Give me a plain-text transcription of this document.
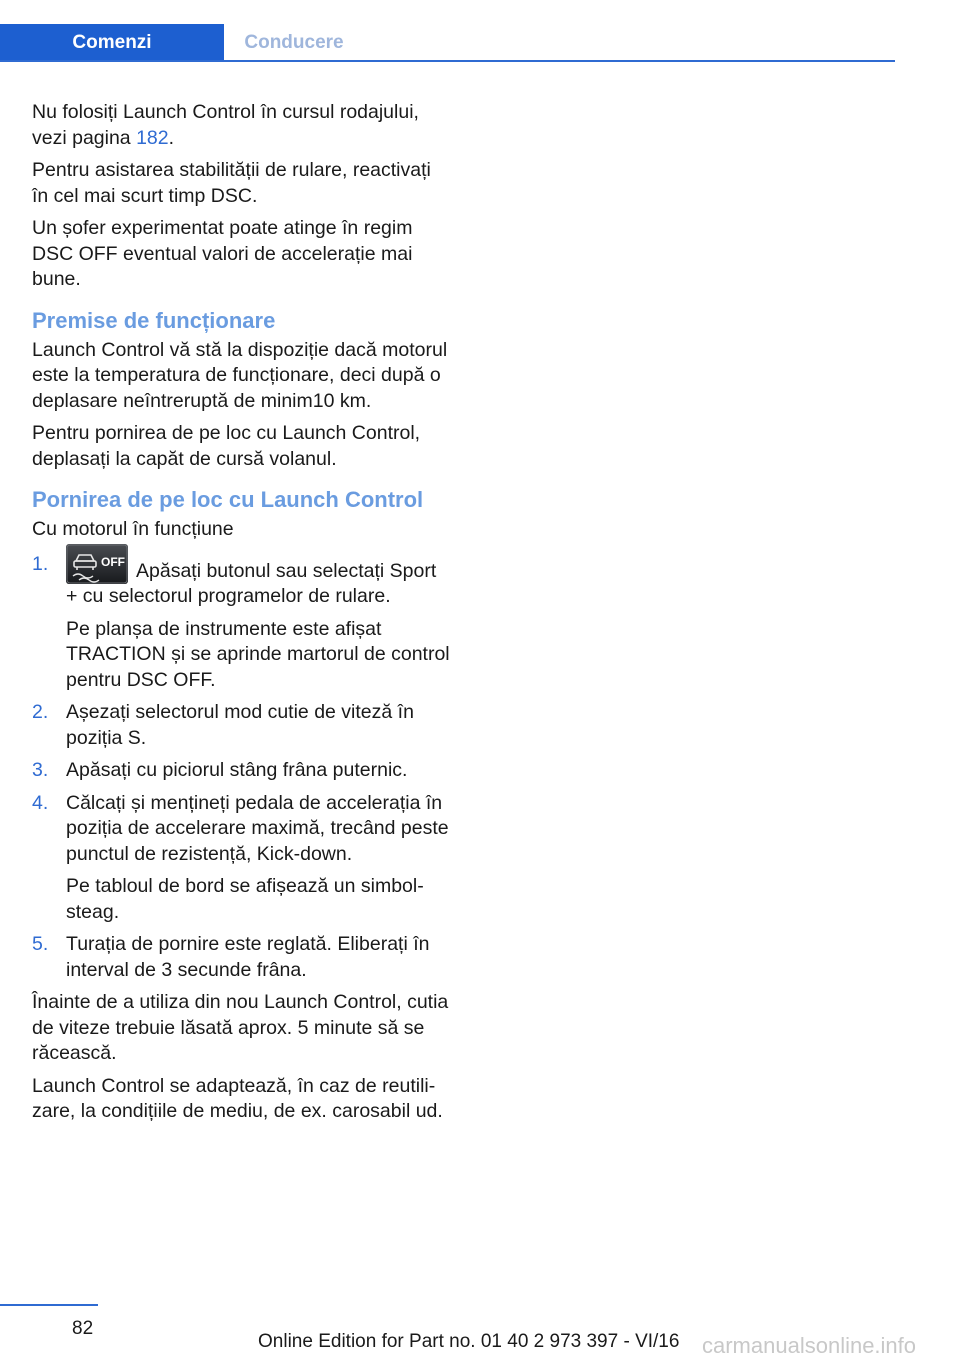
Comenzi	Conducere

Nu folosiți Launch Control în cursul rodajului, vezi pagina 182.

Pentru asistarea stabilității de rulare, reactivați în cel mai scurt timp DSC.

Un șofer experimentat poate atinge în regim DSC OFF eventual valori de accelerație mai bune.

Premise de funcționare

Launch Control vă stă la dispoziție dacă motorul este la temperatura de funcționare, deci după o deplasare neîntreruptă de minim10 km.

Pentru pornirea de pe loc cu Launch Control, deplasați la capăt de cursă volanul.

Pornirea de pe loc cu Launch Control

Cu motorul în funcțiune

1.	OFF Apăsați butonul sau selectați Sport + cu selectorul programelor de rulare.
Pe planșa de instrumente este afișat TRACTION și se aprinde martorul de control pentru DSC OFF.
2. Așezați selectorul mod cutie de viteză în poziția S.
3. Apăsați cu piciorul stâng frâna puternic.
4. Călcați și mențineți pedala de accelerația în poziția de accelerare maximă, trecând peste punctul de rezistență, Kick-down.
Pe tabloul de bord se afișează un simbolsteag.
5. Turația de pornire este reglată. Eliberați în interval de 3 secunde frâna.

Înainte de a utiliza din nou Launch Control, cutia de viteze trebuie lăsată aprox. 5 minute să se răcească.

Launch Control se adaptează, în caz de reutilizare, la condițiile de mediu, de ex. carosabil ud.

82
Online Edition for Part no. 01 40 2 973 397 - VI/16 carmanualsonline.info
